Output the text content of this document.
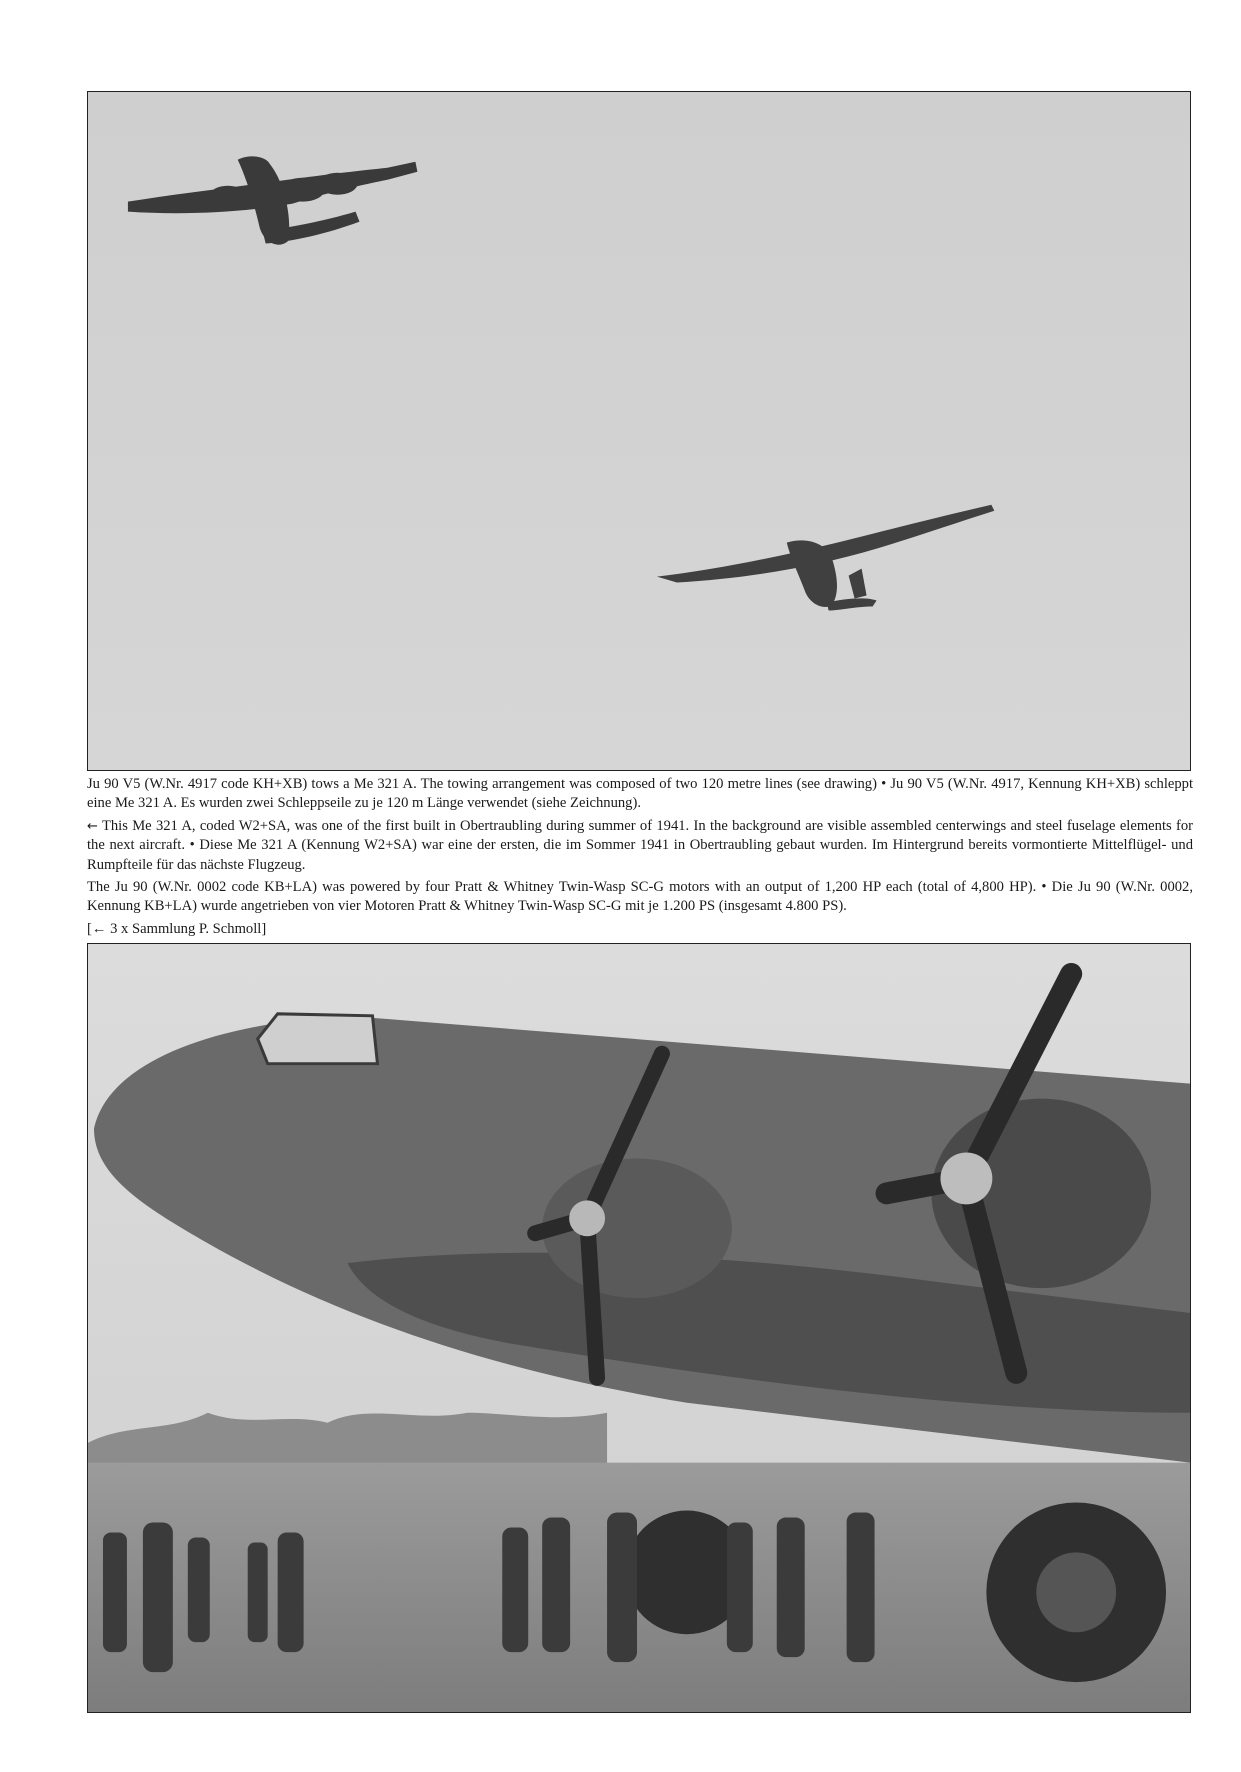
Ju 90 V5 (W.Nr. 4917 code KH+XB) tows a Me 321 A. The towing arrangement was composed of two 120 metre lines (see drawing) • Ju 90 V5 (W.Nr. 4917, Kennung KH+XB) schleppt eine Me 321 A. Es wurden zwei Schleppseile zu je 120 m Länge verwendet (siehe Zeichnung).

← This Me 321 A, coded W2+SA, was one of the first built in Obertraubling during summer of 1941. In the background are visible assembled centerwings and steel fuselage elements for the next aircraft. • Diese Me 321 A (Kennung W2+SA) war eine der ersten, die im Sommer 1941 in Obertraubling gebaut wurden. Im Hintergrund bereits vormontierte Mittelflügel- und Rumpfteile für das nächste Flugzeug.

The Ju 90 (W.Nr. 0002 code KB+LA) was powered by four Pratt & Whitney Twin-Wasp SC-G motors with an output of 1,200 HP each (total of 4,800 HP). • Die Ju 90 (W.Nr. 0002, Kennung KB+LA) wurde angetrieben von vier Motoren Pratt & Whitney Twin-Wasp SC-G mit je 1.200 PS (insgesamt 4.800 PS).

[← 3 x Sammlung P. Schmoll]
